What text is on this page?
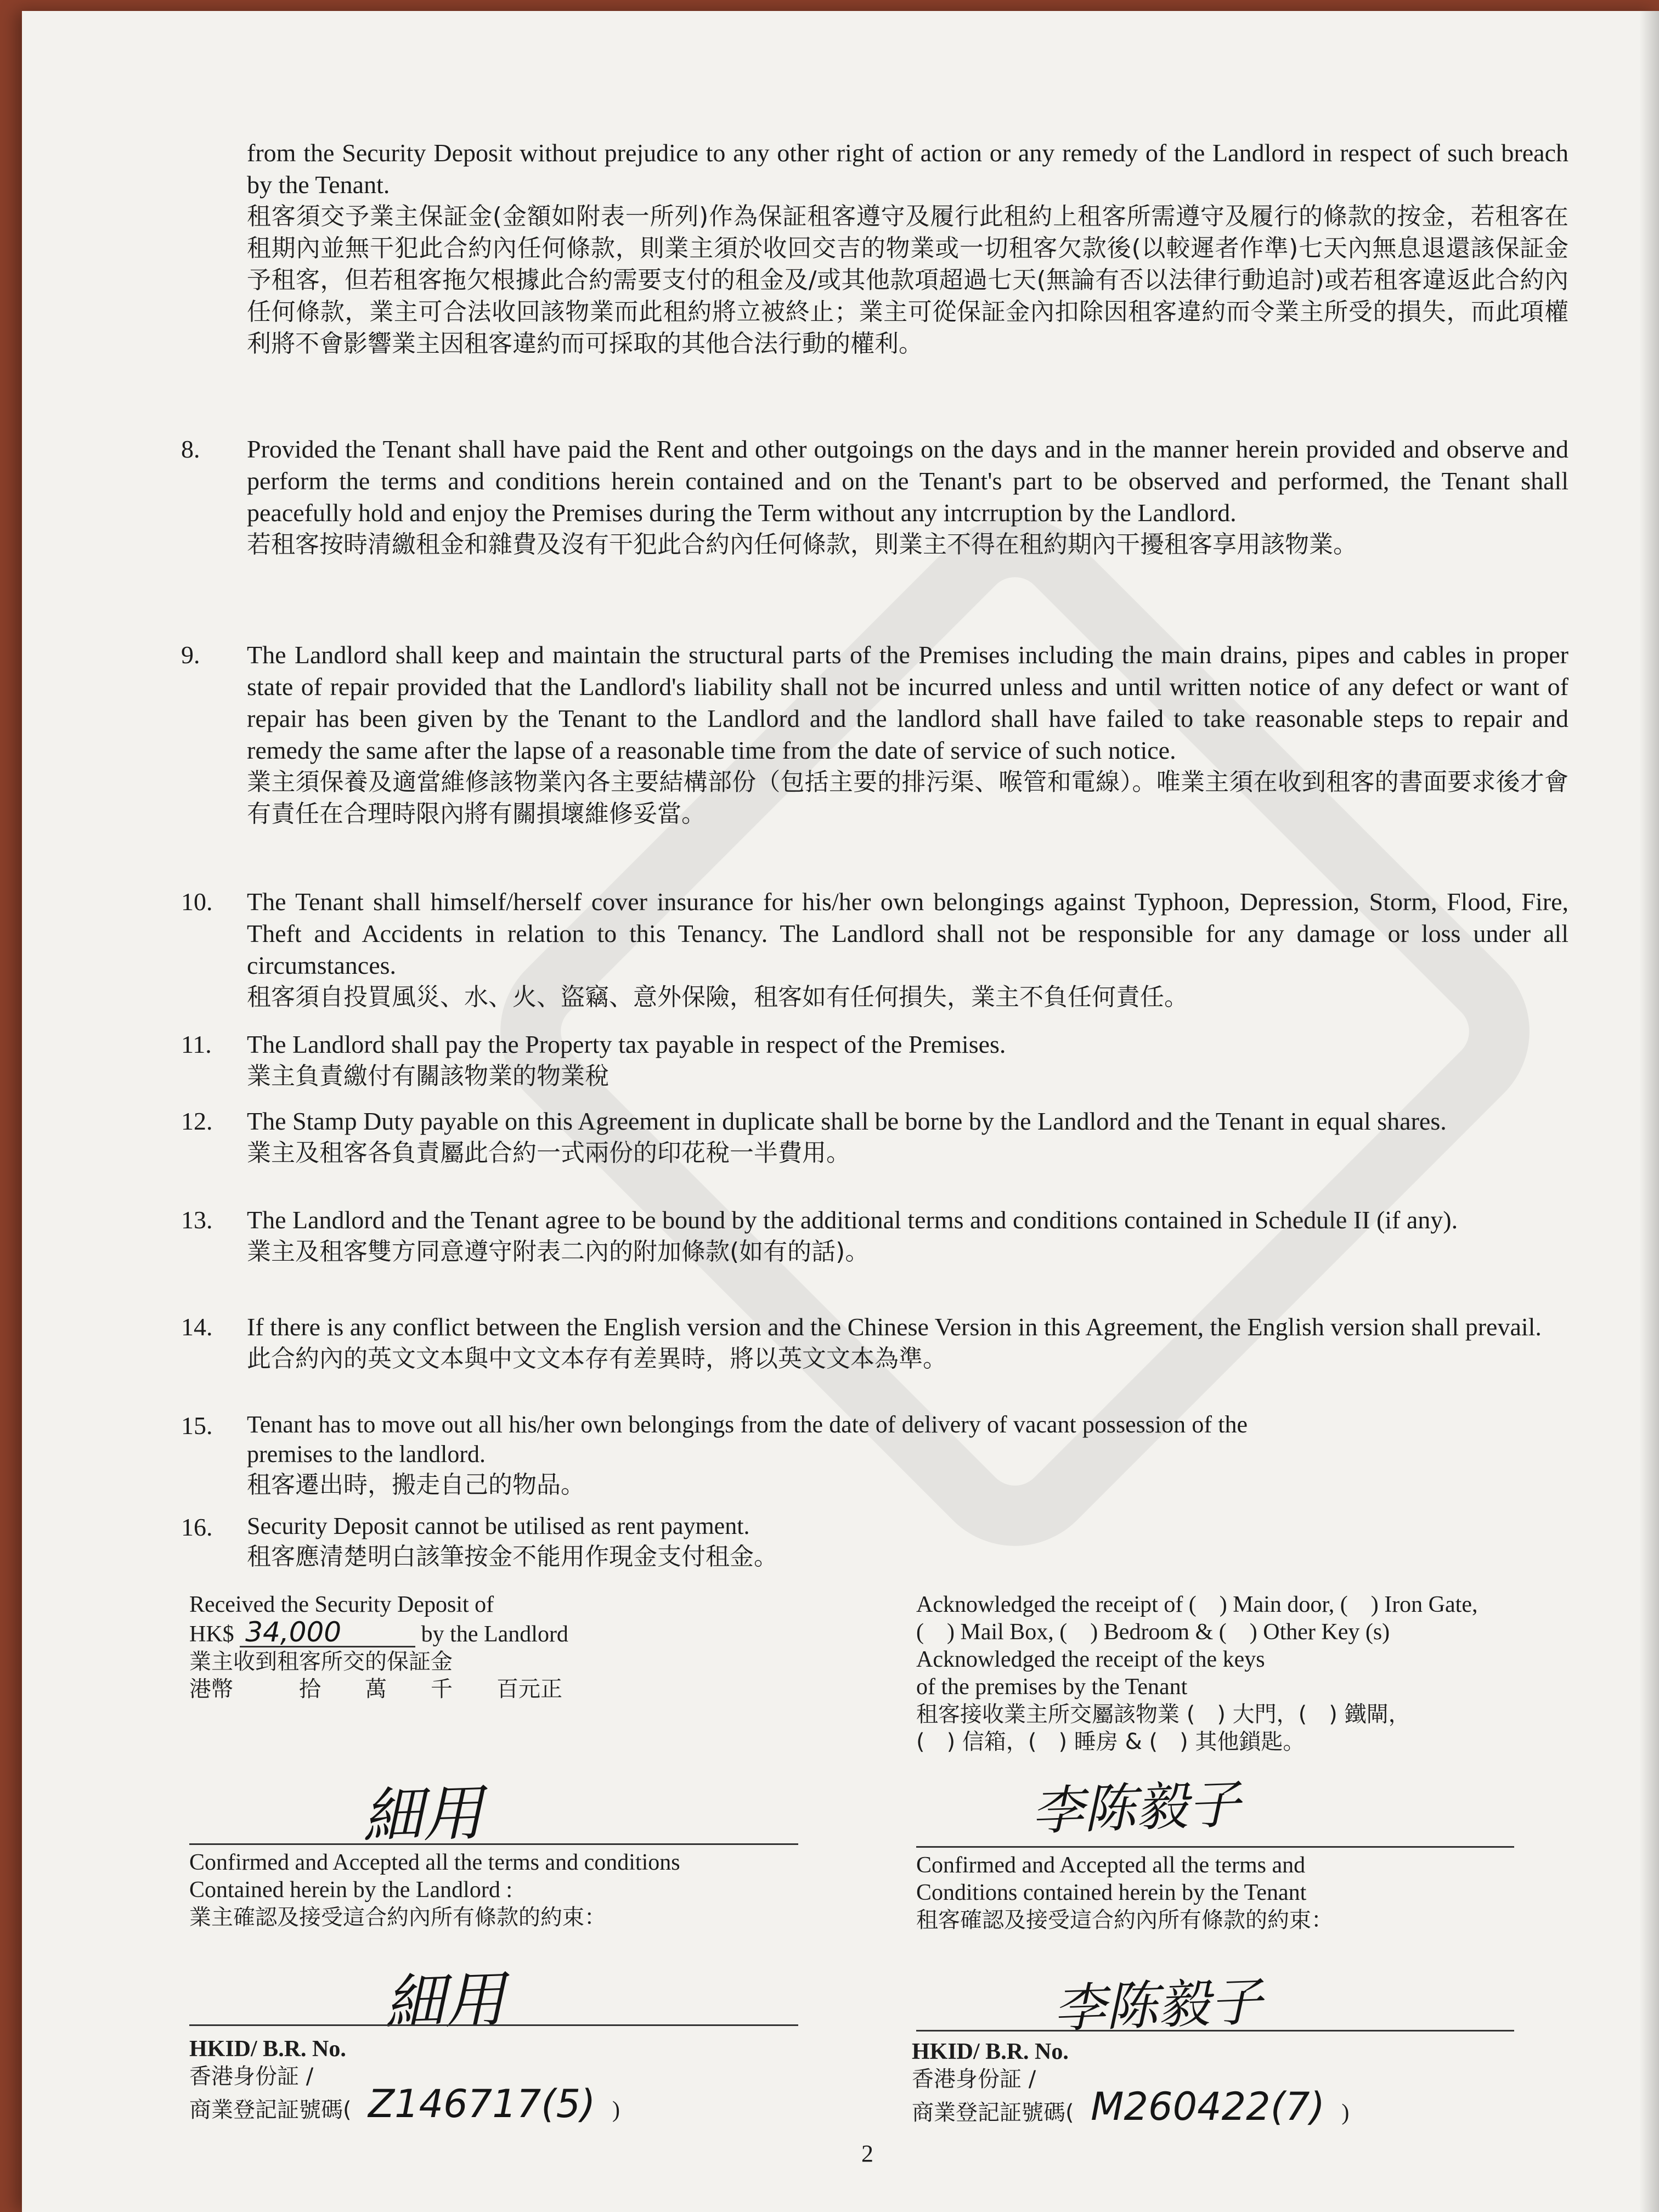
from the Security Deposit without prejudice to any other right of action or any remedy of the Landlord in respect of such breach by the Tenant.
租客須交予業主保証金(金額如附表一所列)作為保証租客遵守及履行此租約上租客所需遵守及履行的條款的按金，若租客在租期內並無干犯此合約內任何條款，則業主須於收回交吉的物業或一切租客欠款後(以較遲者作準)七天內無息退還該保証金予租客，但若租客拖欠根據此合約需要支付的租金及/或其他款項超過七天(無論有否以法律行動追討)或若租客違返此合約內任何條款，業主可合法收回該物業而此租約將立被終止；業主可從保証金內扣除因租客違約而令業主所受的損失，而此項權利將不會影響業主因租客違約而可採取的其他合法行動的權利。
8. Provided the Tenant shall have paid the Rent and other outgoings on the days and in the manner herein provided and observe and perform the terms and conditions herein contained and on the Tenant's part to be observed and performed, the Tenant shall peacefully hold and enjoy the Premises during the Term without any intcrruption by the Landlord.
若租客按時清繳租金和雜費及沒有干犯此合約內任何條款，則業主不得在租約期內干擾租客享用該物業。
9. The Landlord shall keep and maintain the structural parts of the Premises including the main drains, pipes and cables in proper state of repair provided that the Landlord's liability shall not be incurred unless and until written notice of any defect or want of repair has been given by the Tenant to the Landlord and the landlord shall have failed to take reasonable steps to repair and remedy the same after the lapse of a reasonable time from the date of service of such notice.
業主須保養及適當維修該物業內各主要結構部份（包括主要的排污渠、喉管和電線）。唯業主須在收到租客的書面要求後才會有責任在合理時限內將有關損壞維修妥當。
10. The Tenant shall himself/herself cover insurance for his/her own belongings against Typhoon, Depression, Storm, Flood, Fire, Theft and Accidents in relation to this Tenancy. The Landlord shall not be responsible for any damage or loss under all circumstances.
租客須自投買風災、水、火、盜竊、意外保險，租客如有任何損失，業主不負任何責任。
11. The Landlord shall pay the Property tax payable in respect of the Premises.
業主負責繳付有關該物業的物業稅
12. The Stamp Duty payable on this Agreement in duplicate shall be borne by the Landlord and the Tenant in equal shares.
業主及租客各負責屬此合約一式兩份的印花稅一半費用。
13. The Landlord and the Tenant agree to be bound by the additional terms and conditions contained in Schedule II (if any).
業主及租客雙方同意遵守附表二內的附加條款(如有的話)。
14. If there is any conflict between the English version and the Chinese Version in this Agreement, the English version shall prevail.
此合約內的英文文本與中文文本存有差異時，將以英文文本為準。
15. Tenant has to move out all his/her own belongings from the date of delivery of vacant possession of the premises to the landlord.
租客遷出時，搬走自己的物品。
16. Security Deposit cannot be utilised as rent payment.
租客應清楚明白該筆按金不能用作現金支付租金。
Received the Security Deposit of
HK$ 34,000	by the Landlord
業主收到租客所交的保証金
港幣　　　拾　　萬　　千　　百元正
Acknowledged the receipt of (　) Main door, (　) Iron Gate,
(　) Mail Box, (　) Bedroom & (　) Other Key (s)
Acknowledged the receipt of the keys
of the premises by the Tenant
租客接收業主所交屬該物業 (　) 大門，(　) 鐵閘，
(　) 信箱，(　) 睡房 & (　) 其他鎖匙。
細用	李陈毅子
Confirmed and Accepted all the terms and conditions
Contained herein by the Landlord :
業主確認及接受這合約內所有條款的約束：
Confirmed and Accepted all the terms and
Conditions contained herein by the Tenant
租客確認及接受這合約內所有條款的約束：
細用	李陈毅子
HKID/ B.R. No.
香港身份証 /
商業登記証號碼( Z146717(5) )
HKID/ B.R. No.
香港身份証 /
商業登記証號碼( M260422(7) )
2
